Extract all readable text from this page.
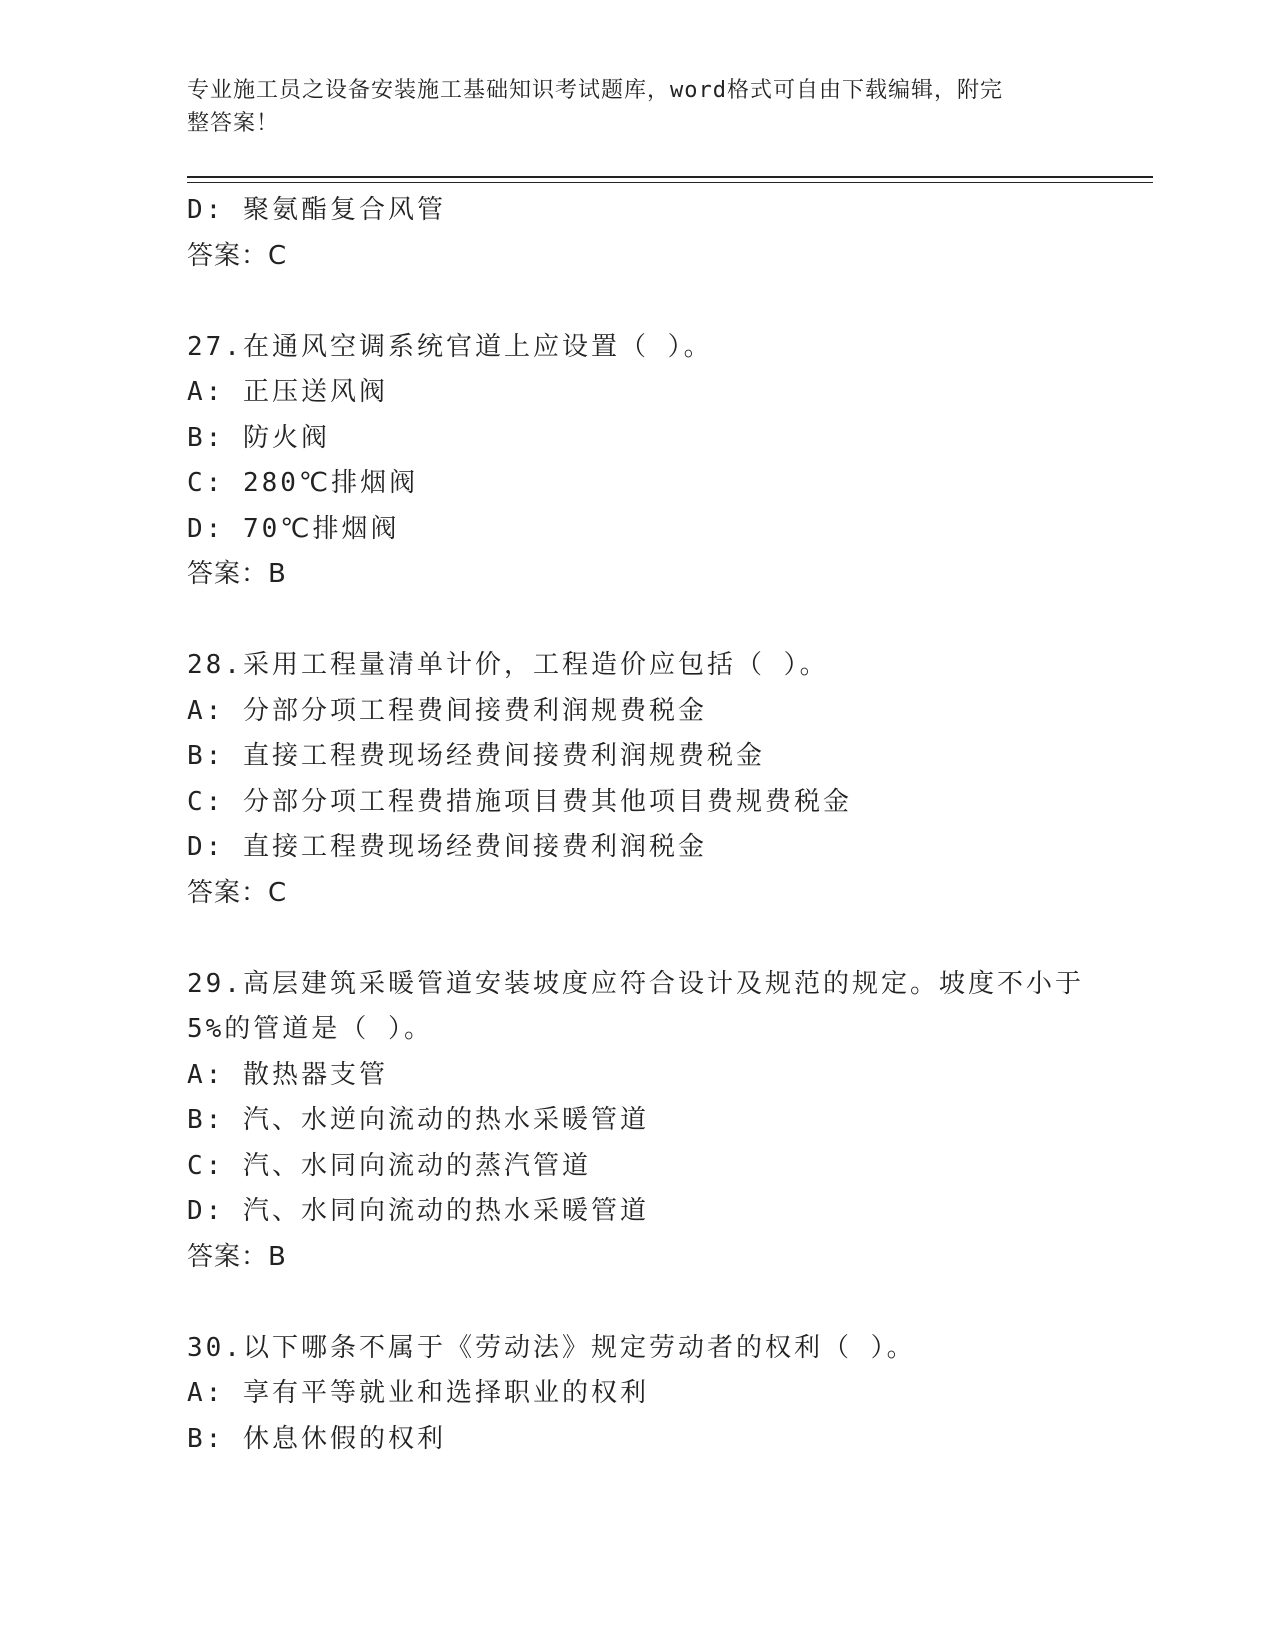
专业施工员之设备安装施工基础知识考试题库，word格式可自由下载编辑，附完
整答案！
D: 聚氨酯复合风管
答案：C
27.在通风空调系统官道上应设置（ ）。
A: 正压送风阀
B: 防火阀
C: 280℃排烟阀
D: 70℃排烟阀
答案：B
28.采用工程量清单计价，工程造价应包括（ ）。
A: 分部分项工程费间接费利润规费税金
B: 直接工程费现场经费间接费利润规费税金
C: 分部分项工程费措施项目费其他项目费规费税金
D: 直接工程费现场经费间接费利润税金
答案：C
29.高层建筑采暖管道安装坡度应符合设计及规范的规定。坡度不小于
5%的管道是（ ）。
A: 散热器支管
B: 汽、水逆向流动的热水采暖管道
C: 汽、水同向流动的蒸汽管道
D: 汽、水同向流动的热水采暖管道
答案：B
30.以下哪条不属于《劳动法》规定劳动者的权利（ ）。
A: 享有平等就业和选择职业的权利
B: 休息休假的权利
